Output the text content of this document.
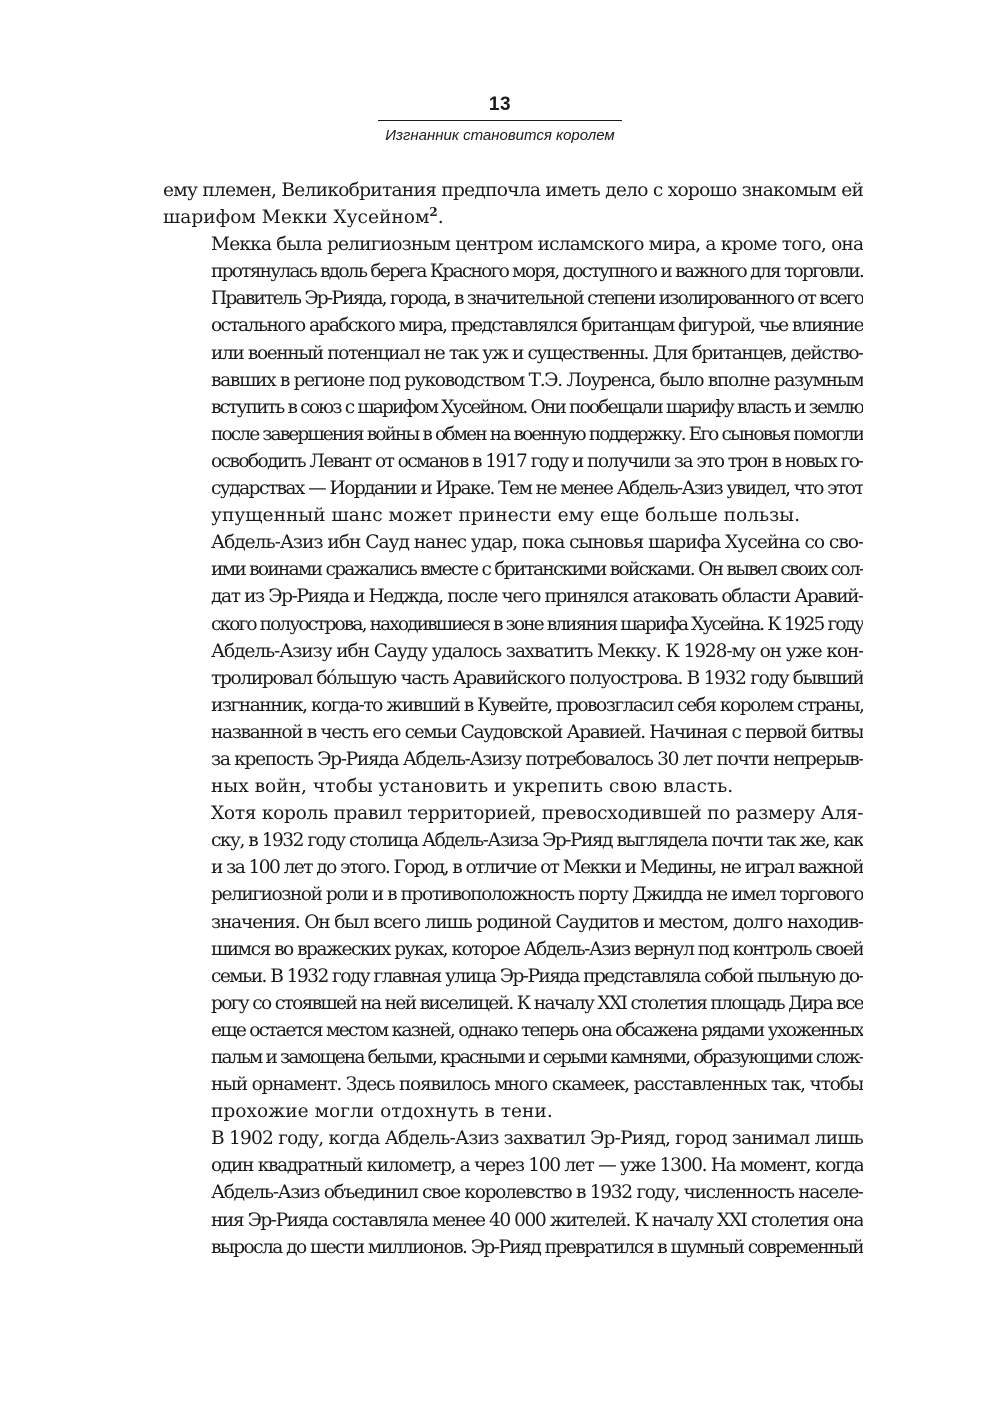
13
Изгнанник становится королем

ему племен, Великобритания предпочла иметь дело с хорошо знакомым ей
шарифом Мекки Хусейном$^2$.

Мекка была религиозным центром исламского мира, а кроме того, она
протянулась вдоль берега Красного моря, доступного и важного для торговли.
Правитель Эр-Рияда, города, в значительной степени изолированного от всего
остального арабского мира, представлялся британцам фигурой, чье влияние
или военный потенциал не так уж и существенны. Для британцев, действо-
вавших в регионе под руководством Т.Э. Лоуренса, было вполне разумным
вступить в союз с шарифом Хусейном. Они пообещали шарифу власть и землю
после завершения войны в обмен на военную поддержку. Его сыновья помогли
освободить Левант от османов в 1917 году и получили за это трон в новых го-
сударствах — Иордании и Ираке. Тем не менее Абдель-Азиз увидел, что этот
упущенный шанс может принести ему еще больше пользы.

Абдель-Азиз ибн Сауд нанес удар, пока сыновья шарифа Хусейна со сво-
ими воинами сражались вместе с британскими войсками. Он вывел своих сол-
дат из Эр-Рияда и Неджда, после чего принялся атаковать области Аравий-
ского полуострова, находившиеся в зоне влияния шарифа Хусейна. К 1925 году
Абдель-Азизу ибн Сауду удалось захватить Мекку. К 1928-му он уже кон-
тролировал бóльшую часть Аравийского полуострова. В 1932 году бывший
изгнанник, когда-то живший в Кувейте, провозгласил себя королем страны,
названной в честь его семьи Саудовской Аравией. Начиная с первой битвы
за крепость Эр-Рияда Абдель-Азизу потребовалось 30 лет почти непрерыв-
ных войн, чтобы установить и укрепить свою власть.

Хотя король правил территорией, превосходившей по размеру Аля-
ску, в 1932 году столица Абдель-Азиза Эр-Рияд выглядела почти так же, как
и за 100 лет до этого. Город, в отличие от Мекки и Медины, не играл важной
религиозной роли и в противоположность порту Джидда не имел торгового
значения. Он был всего лишь родиной Саудитов и местом, долго находив-
шимся во вражеских руках, которое Абдель-Азиз вернул под контроль своей
семьи. В 1932 году главная улица Эр-Рияда представляла собой пыльную до-
рогу со стоявшей на ней виселицей. К началу XXI столетия площадь Дира все
еще остается местом казней, однако теперь она обсажена рядами ухоженных
пальм и замощена белыми, красными и серыми камнями, образующими слож-
ный орнамент. Здесь появилось много скамеек, расставленных так, чтобы
прохожие могли отдохнуть в тени.

В 1902 году, когда Абдель-Азиз захватил Эр-Рияд, город занимал лишь
один квадратный километр, а через 100 лет — уже 1300. На момент, когда
Абдель-Азиз объединил свое королевство в 1932 году, численность населе-
ния Эр-Рияда составляла менее 40 000 жителей. К началу XXI столетия она
выросла до шести миллионов. Эр-Рияд превратился в шумный современный
